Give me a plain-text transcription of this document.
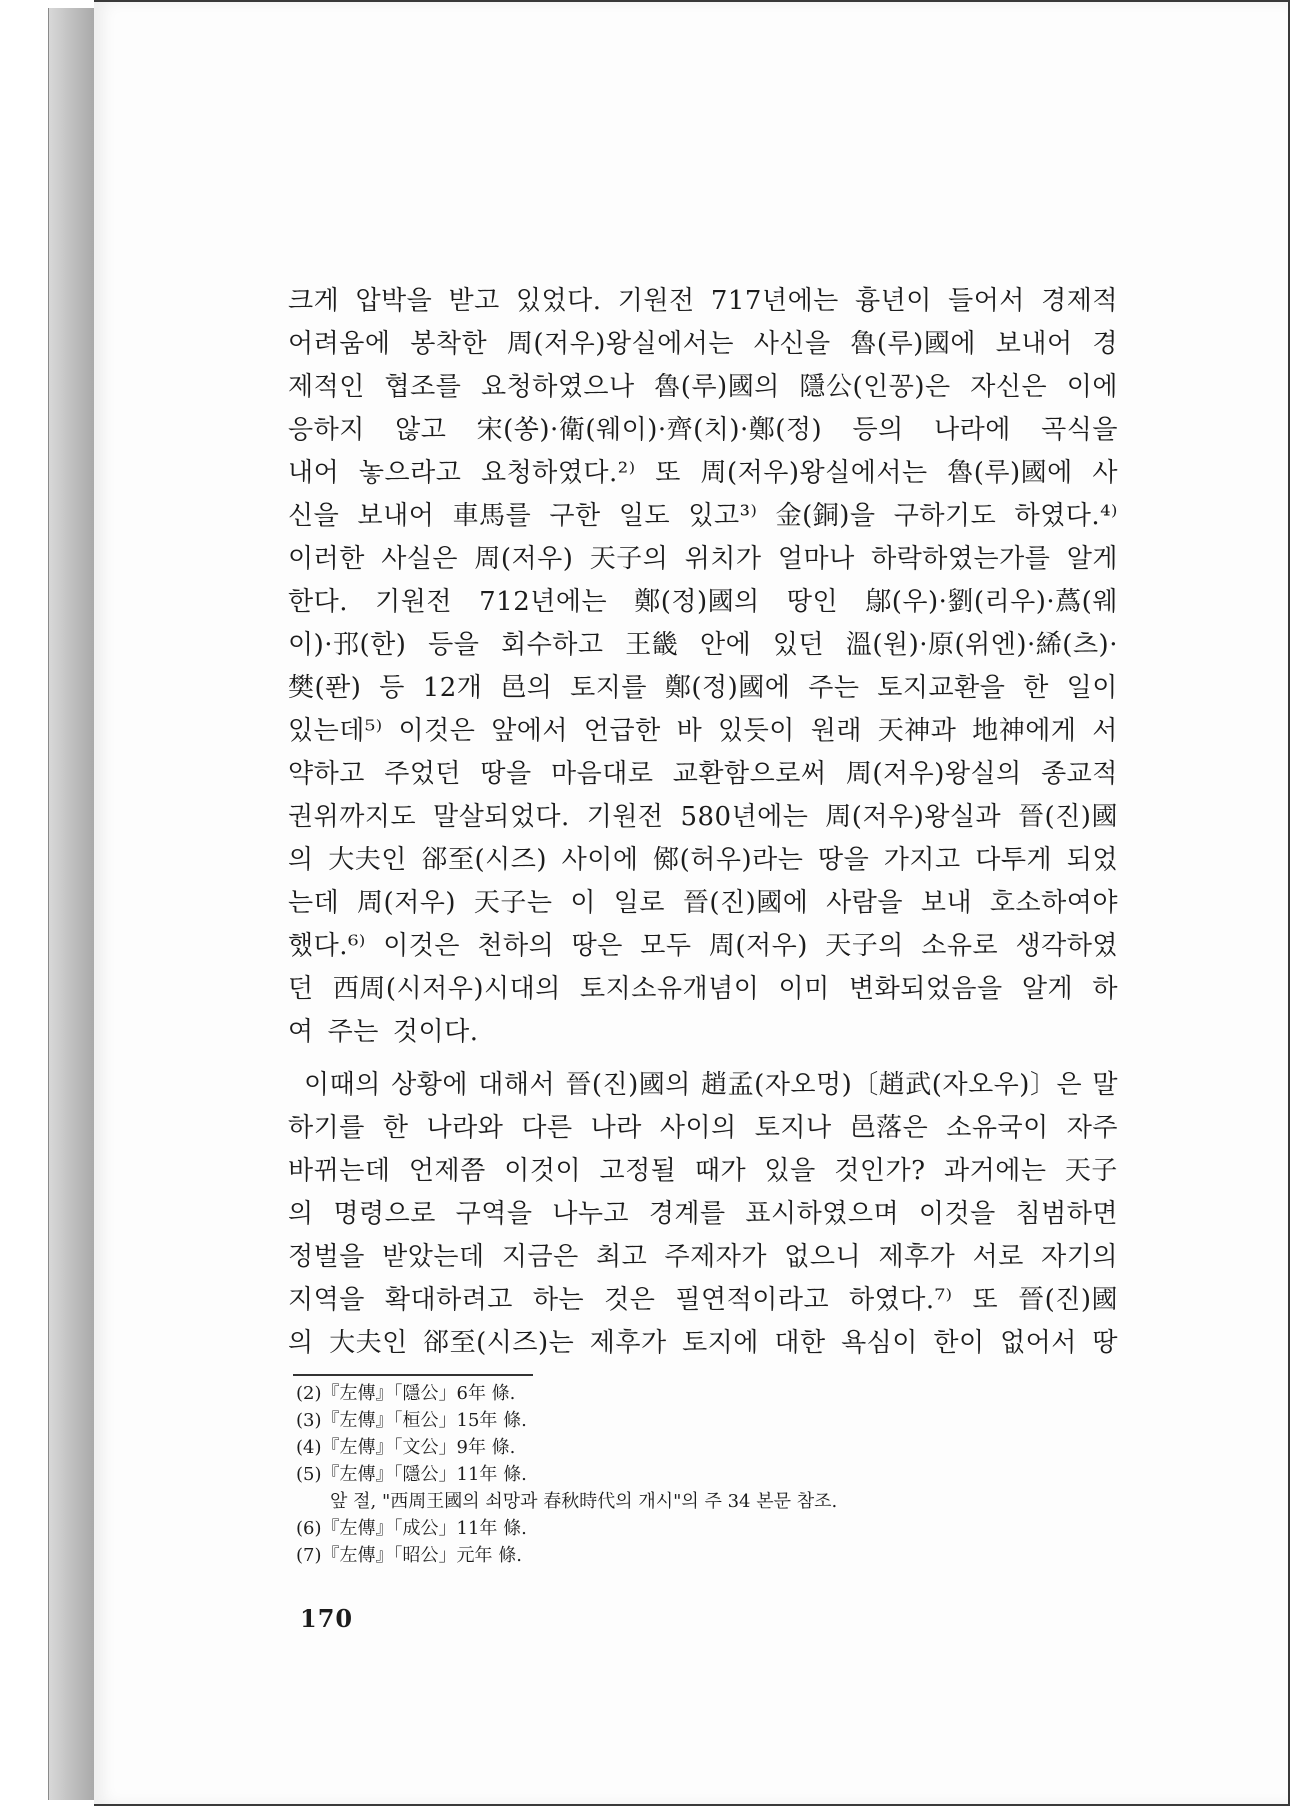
크게 압박을 받고 있었다. 기원전 717년에는 흉년이 들어서 경제적
어려움에 봉착한 周(저우)왕실에서는 사신을 魯(루)國에 보내어 경
제적인 협조를 요청하였으나 魯(루)國의 隱公(인꽁)은 자신은 이에
응하지 않고 宋(쏭)·衛(웨이)·齊(치)·鄭(정) 등의 나라에 곡식을
내어 놓으라고 요청하였다.²⁾ 또 周(저우)왕실에서는 魯(루)國에 사
신을 보내어 車馬를 구한 일도 있고³⁾ 金(銅)을 구하기도 하였다.⁴⁾
이러한 사실은 周(저우) 天子의 위치가 얼마나 하락하였는가를 알게
한다. 기원전 712년에는 鄭(정)國의 땅인 鄔(우)·劉(리우)·蔿(웨
이)·邘(한) 등을 회수하고 王畿 안에 있던 溫(원)·原(위엔)·絺(츠)·
樊(퐌) 등 12개 邑의 토지를 鄭(정)國에 주는 토지교환을 한 일이
있는데⁵⁾ 이것은 앞에서 언급한 바 있듯이 원래 天神과 地神에게 서
약하고 주었던 땅을 마음대로 교환함으로써 周(저우)왕실의 종교적
권위까지도 말살되었다. 기원전 580년에는 周(저우)왕실과 晉(진)國
의 大夫인 郤至(시즈) 사이에 鄇(허우)라는 땅을 가지고 다투게 되었
는데 周(저우) 天子는 이 일로 晉(진)國에 사람을 보내 호소하여야
했다.⁶⁾ 이것은 천하의 땅은 모두 周(저우) 天子의 소유로 생각하였
던 西周(시저우)시대의 토지소유개념이 이미 변화되었음을 알게 하
여 주는 것이다.
이때의 상황에 대해서 晉(진)國의 趙孟(자오멍)〔趙武(자오우)〕은 말
하기를 한 나라와 다른 나라 사이의 토지나 邑落은 소유국이 자주
바뀌는데 언제쯤 이것이 고정될 때가 있을 것인가? 과거에는 天子
의 명령으로 구역을 나누고 경계를 표시하였으며 이것을 침범하면
정벌을 받았는데 지금은 최고 주제자가 없으니 제후가 서로 자기의
지역을 확대하려고 하는 것은 필연적이라고 하였다.⁷⁾ 또 晉(진)國
의 大夫인 郤至(시즈)는 제후가 토지에 대한 욕심이 한이 없어서 땅
(2)『左傳』「隱公」6年 條.
(3)『左傳』「桓公」15年 條.
(4)『左傳』「文公」9年 條.
(5)『左傳』「隱公」11年 條.
앞 절, "西周王國의 쇠망과 春秋時代의 개시"의 주 34 본문 참조.
(6)『左傳』「成公」11年 條.
(7)『左傳』「昭公」元年 條.
170
